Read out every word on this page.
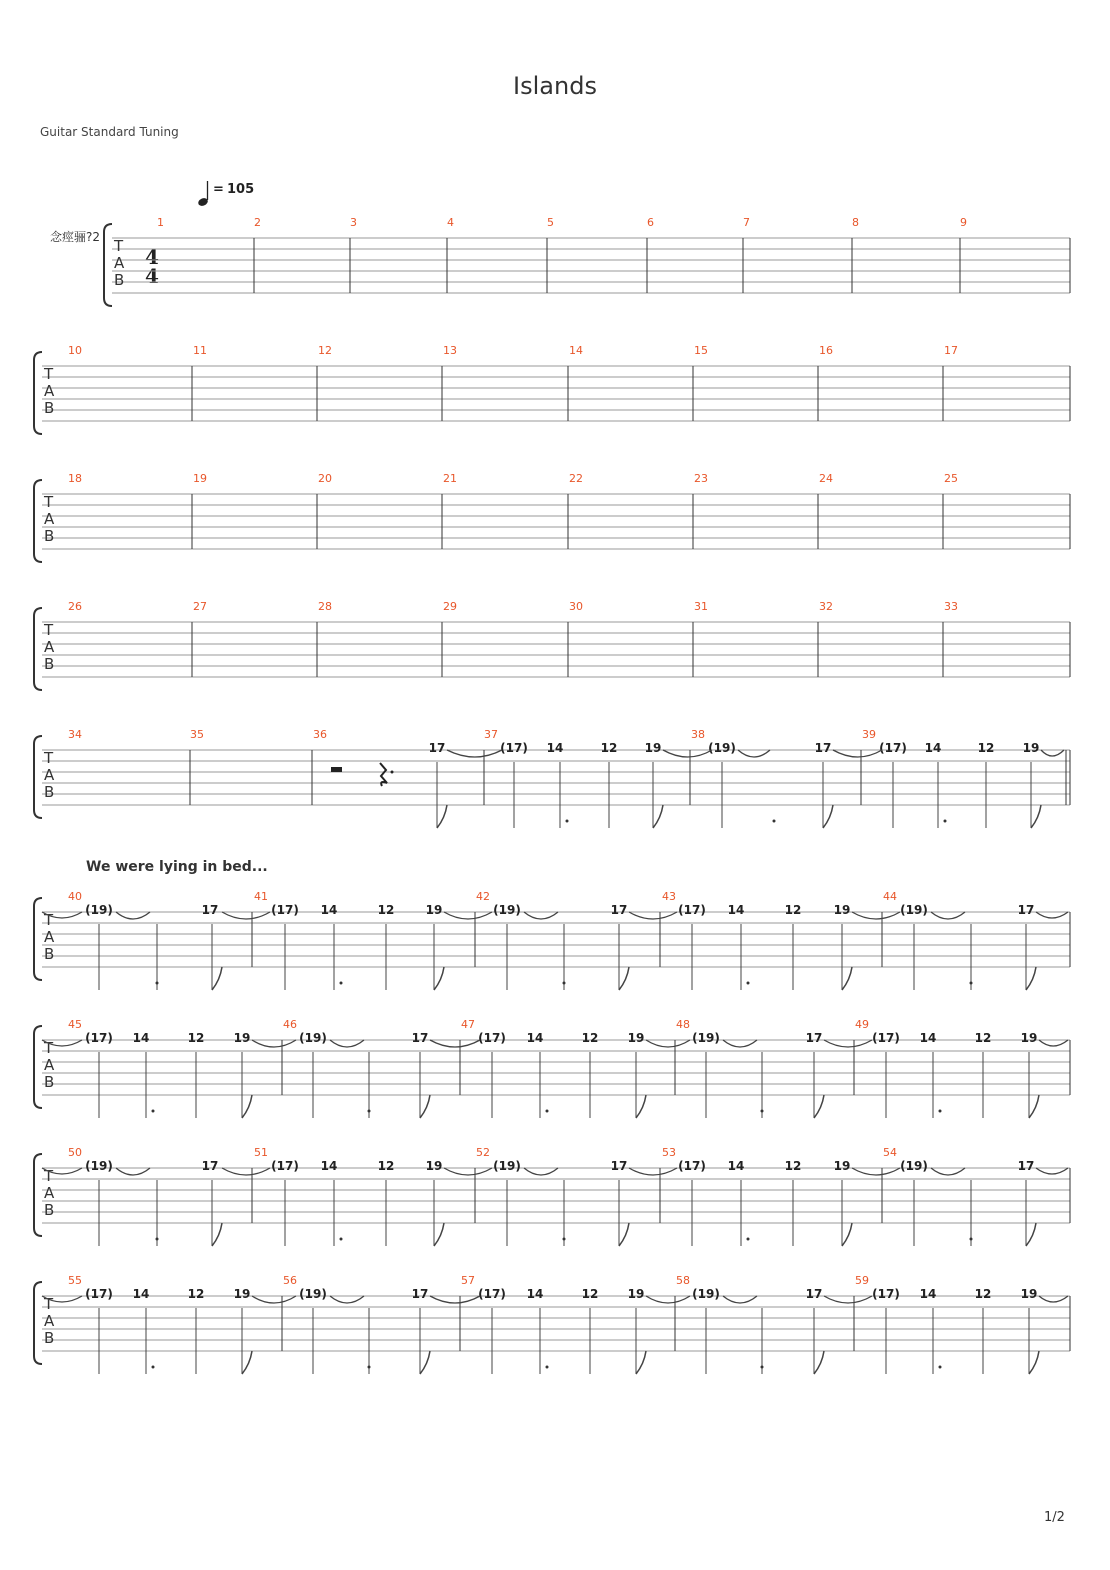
Islands
Guitar Standard Tuning
= 105
念痙骊?2
4
4
We were lying in bed...
T
A
B
1	2	3	4	5	6	7	8	9
T
A
B
10	11	12	13	14	15	16	17
T
A
B
18	19	20	21	22	23	24	25
T
A
B
26	27	28	29	30	31	32	33
T
A
B
34	35	36	37	38	39
17	(17) 14	12 19	(19)	17	(17) 14	12 19
T
A
B
40	41	42	43	44
(19)	17	(17) 14	12	19	(19)	17	(17) 14	12	19	(19)	17
T
A
B
45	46	47	48	49
(17) 14	12 19	(19)	17	(17) 14	12 19	(19)	17	(17) 14	12 19
T
A
B
50	51	52	53	54
(19)	17	(17) 14	12	19	(19)	17	(17) 14	12	19	(19)	17
T
A
B
55	56	57	58	59
(17) 14	12 19	(19)	17	(17) 14	12 19	(19)	17	(17) 14	12 19
1/2
